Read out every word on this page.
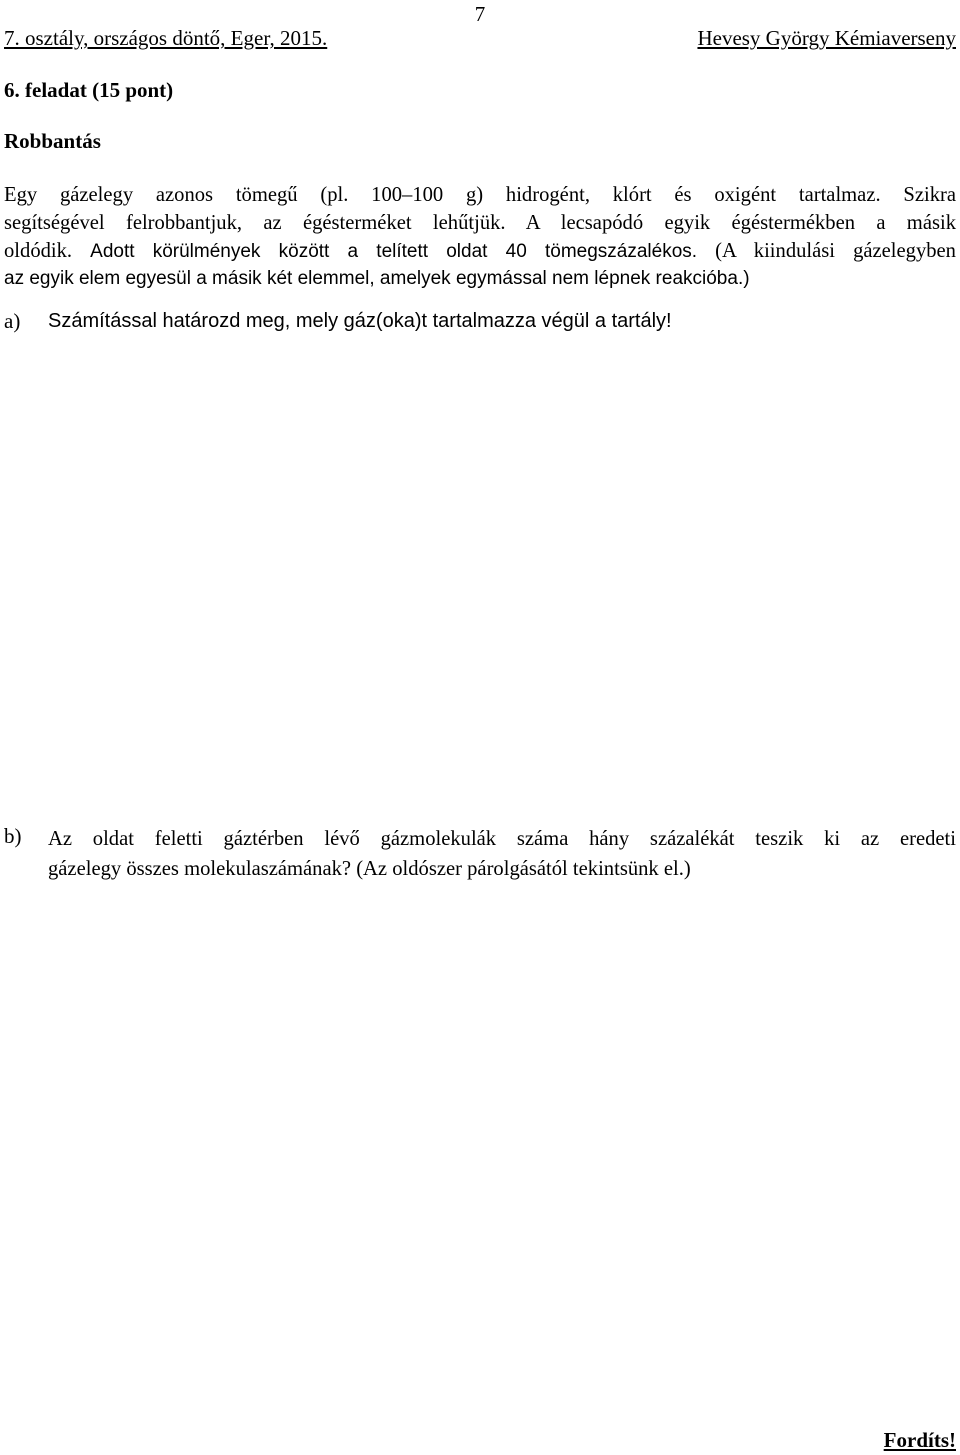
7
7. osztály, országos döntő, Eger, 2015.	Hevesy György Kémiaverseny
6. feladat (15 pont)
Robbantás
Egy gázelegy azonos tömegű (pl. 100–100 g) hidrogént, klórt és oxigént tartalmaz. Szikra
segítségével felrobbantjuk, az égésterméket lehűtjük. A lecsapódó egyik égéstermékben a másik
oldódik. Adott körülmények között a telített oldat 40 tömegszázalékos. (A kiindulási gázelegyben
az egyik elem egyesül a másik két elemmel, amelyek egymással nem lépnek reakcióba.)
a) Számítással határozd meg, mely gáz(oka)t tartalmazza végül a tartály!
b) Az oldat feletti gáztérben lévő gázmolekulák száma hány százalékát teszik ki az eredeti
gázelegy összes molekulaszámának? (Az oldószer párolgásától tekintsünk el.)
Fordíts!
